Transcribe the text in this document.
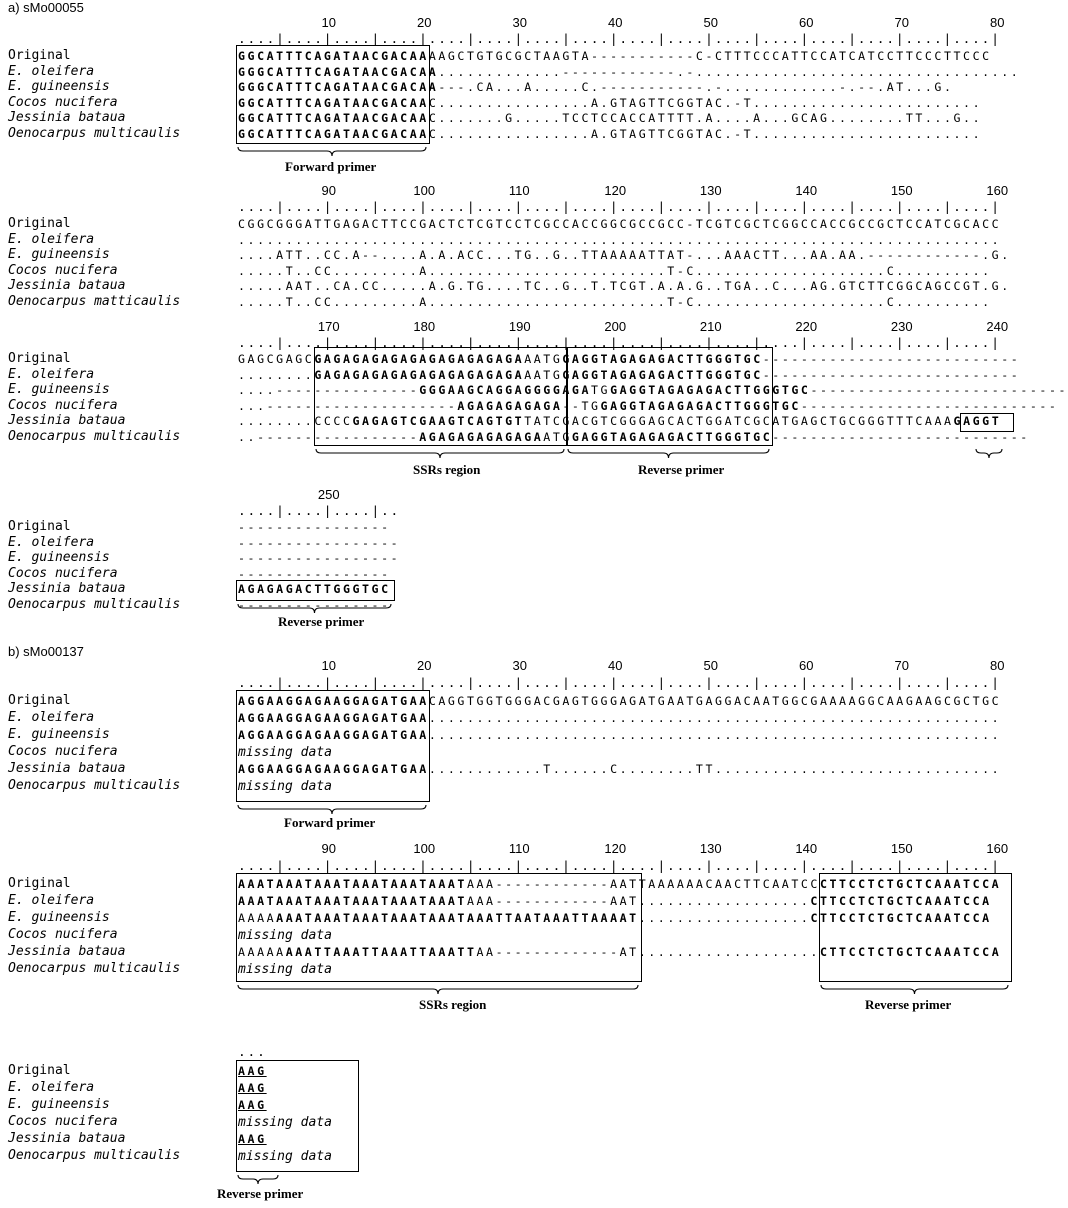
a) sMo00055
10	20	30	40	50	60	70	80
....|....|....|....|....|....|....|....|....|....|....|....|....|....|....|....|
Original	GGCATTTCAGATAACGACAAAAGCTGTGCGCTAAGTA-----------C-CTTTCCCATTCCATCATCCTTCCCTTCCC
E. oleifera	GGGCATTTCAGATAACGACAA.............------------.-..................................
E. guineensis	GGGCATTTCAGATAACGACAA---.CA...A.....C.-----------.-............-.--.AT...G.
Cocos nucifera	GGCATTTCAGATAACGACAAC................A.GTAGTTCGGTAC.-T........................
Jessinia bataua	GGCATTTCAGATAACGACAAC.......G.....TCCTCCACCATTTT.A....A...GCAG........TT...G..
Oenocarpus multicaulis	GGCATTTCAGATAACGACAAC................A.GTAGTTCGGTAC.-T........................
90	100	110	120	130	140	150	160
....|....|....|....|....|....|....|....|....|....|....|....|....|....|....|....|
Original	CGGCGGGATTGAGACTTCCGACTCTCGTCCTCGCCACCGGCGCCGCC-TCGTCGCTCGGCCACCGCCGCTCCATCGCACC
E. oleifera	................................................................................
E. guineensis	....ATT..CC.A--....A.A.ACC...TG..G..TTAAAAATTAT-...AAACTT...AA.AA.------------.G.
Cocos nucifera	.....T..CC.........A.........................T-C....................C..........
Jessinia bataua	.....AAT..CA.CC.....A.G.TG....TC..G..T.TCGT.A.A.G..TGA..C...AG.GTCTTCGGCAGCCGT.G.
Oenocarpus matticaulis	.....T..CC.........A.........................T-C....................C..........
170	180	190	200	210	220	230	240
....|....|....|....|....|....|....|....|....|....|....|....|....|....|....|....|
Original	GAGCGAGCGAGAGAGAGAGAGAGAGAGAGAAATGGAGGTAGAGAGACTTGGGTGC---------------------------
E. oleifera	........GAGAGAGAGAGAGAGAGAGAGAAATGGAGGTAGAGAGACTTGGGTGC---------------------------
E. guineensis	....---------------GGGAAGCAGGAGGGGAGATGGAGGTAGAGAGACTTGGGTGC---------------------------
Cocos nucifera	...--------------------AGAGAGAGAGA--TGGAGGTAGAGAGACTTGGGTGC---------------------------
Jessinia bataua	........CCCCGAGAGTCGAAGTCAGTGTTATCGACGTCGGGAGCACTGGATCGCATGAGCTGCGGGTTTCAAAGAGGT
Oenocarpus multicaulis	..-----------------AGAGAGAGAGAGAATGGAGGTAGAGAGACTTGGGTGC---------------------------
250
....|....|....|..
Original	----------------
E. oleifera	-----------------
E. guineensis	-----------------
Cocos nucifera	----------------
Jessinia bataua	AGAGAGACTTGGGTGC
Oenocarpus multicaulis	----------------
b) sMo00137
10	20	30	40	50	60	70	80
....|....|....|....|....|....|....|....|....|....|....|....|....|....|....|....|
Original	AGGAAGGAGAAGGAGATGAACAGGTGGTGGGACGAGTGGGAGATGAATGAGGACAATGGCGAAAAGGCAAGAAGCGCTGC
E. oleifera	AGGAAGGAGAAGGAGATGAA............................................................
E. guineensis	AGGAAGGAGAAGGAGATGAA............................................................
Cocos nucifera	missing data
Jessinia bataua	AGGAAGGAGAAGGAGATGAA............T......C........TT..............................
Oenocarpus multicaulis	missing data
90	100	110	120	130	140	150	160
....|....|....|....|....|....|....|....|....|....|....|....|....|....|....|....|
Original	AAATAAATAAATAAATAAATAAATAAA------------AATTAAAAAACAACTTCAATCCCTTCCTCTGCTCAAATCCA
E. oleifera	AAATAAATAAATAAATAAATAAATAAA------------AAT..................CTTCCTCTGCTCAAATCCA
E. guineensis	AAAAAAATAAATAAATAAATAAATAAATTAATAAATTAAAAT..................CTTCCTCTGCTCAAATCCA
Cocos nucifera	missing data
Jessinia bataua	AAAAAAAATTAAATTAAATTAAATTAA-------------AT...................CTTCCTCTGCTCAAATCCA
Oenocarpus multicaulis	missing data
...
Original	AAG
E. oleifera	AAG
E. guineensis	AAG
Cocos nucifera	missing data
Jessinia bataua	AAG
Oenocarpus multicaulis	missing data
Forward primer
SSRs region	Reverse primer
Reverse primer
Forward primer
SSRs region	Reverse primer
Reverse primer
